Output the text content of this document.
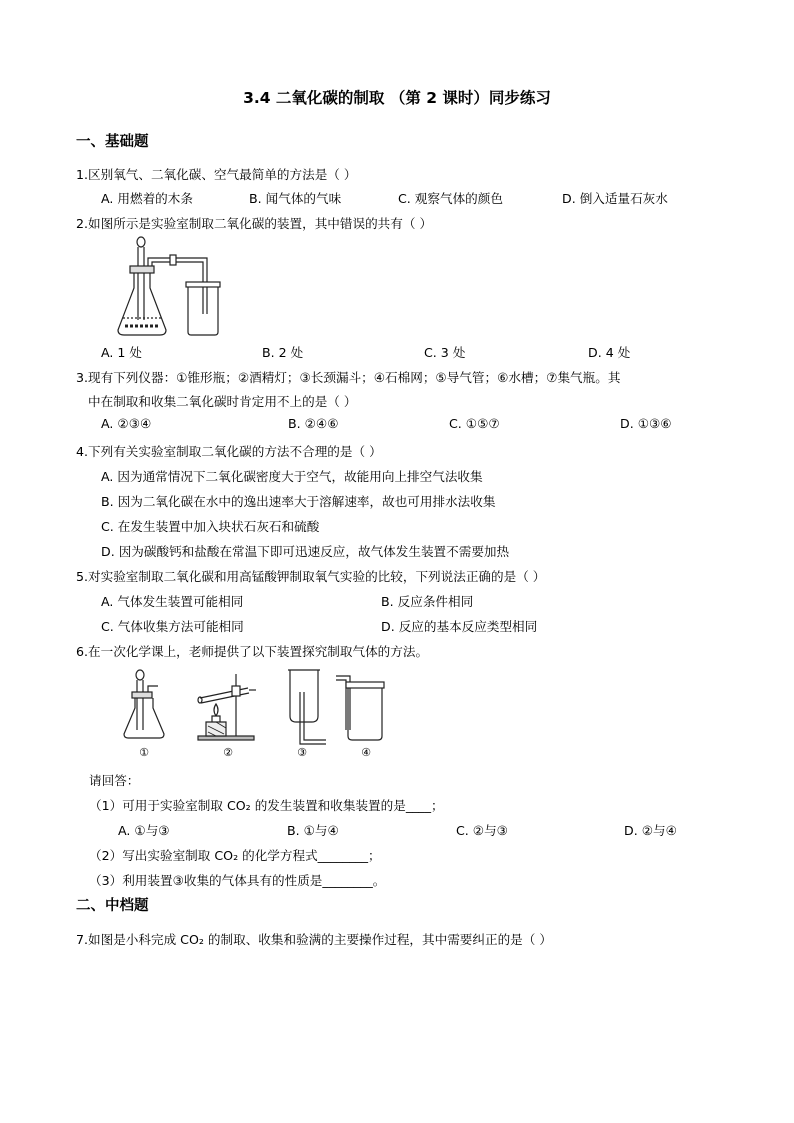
3.4 二氧化碳的制取 （第 2 课时）同步练习
一、基础题
1.区别氧气、二氧化碳、空气最简单的方法是（ ）
A. 用燃着的木条	B. 闻气体的气味	C. 观察气体的颜色	D. 倒入适量石灰水
2.如图所示是实验室制取二氧化碳的装置，其中错误的共有（ ）
A. 1 处	B. 2 处	C. 3 处	D. 4 处
3.现有下列仪器：①锥形瓶；②酒精灯；③长颈漏斗；④石棉网；⑤导气管；⑥水槽；⑦集气瓶。其
中在制取和收集二氧化碳时肯定用不上的是（ ）
A. ②③④	B. ②④⑥	C. ①⑤⑦	D. ①③⑥
4.下列有关实验室制取二氧化碳的方法不合理的是（ ）
A. 因为通常情况下二氧化碳密度大于空气，故能用向上排空气法收集
B. 因为二氧化碳在水中的逸出速率大于溶解速率，故也可用排水法收集
C. 在发生装置中加入块状石灰石和硫酸
D. 因为碳酸钙和盐酸在常温下即可迅速反应，故气体发生装置不需要加热
5.对实验室制取二氧化碳和用高锰酸钾制取氧气实验的比较，下列说法正确的是（ ）
A. 气体发生装置可能相同	B. 反应条件相同
C. 气体收集方法可能相同	D. 反应的基本反应类型相同
6.在一次化学课上，老师提供了以下装置探究制取气体的方法。
①	②	③	④
请回答：
（1）可用于实验室制取 CO₂ 的发生装置和收集装置的是____；
A. ①与③	B. ①与④	C. ②与③	D. ②与④
（2）写出实验室制取 CO₂ 的化学方程式________；
（3）利用装置③收集的气体具有的性质是________。
二、中档题
7.如图是小科完成 CO₂ 的制取、收集和验满的主要操作过程，其中需要纠正的是（ ）
